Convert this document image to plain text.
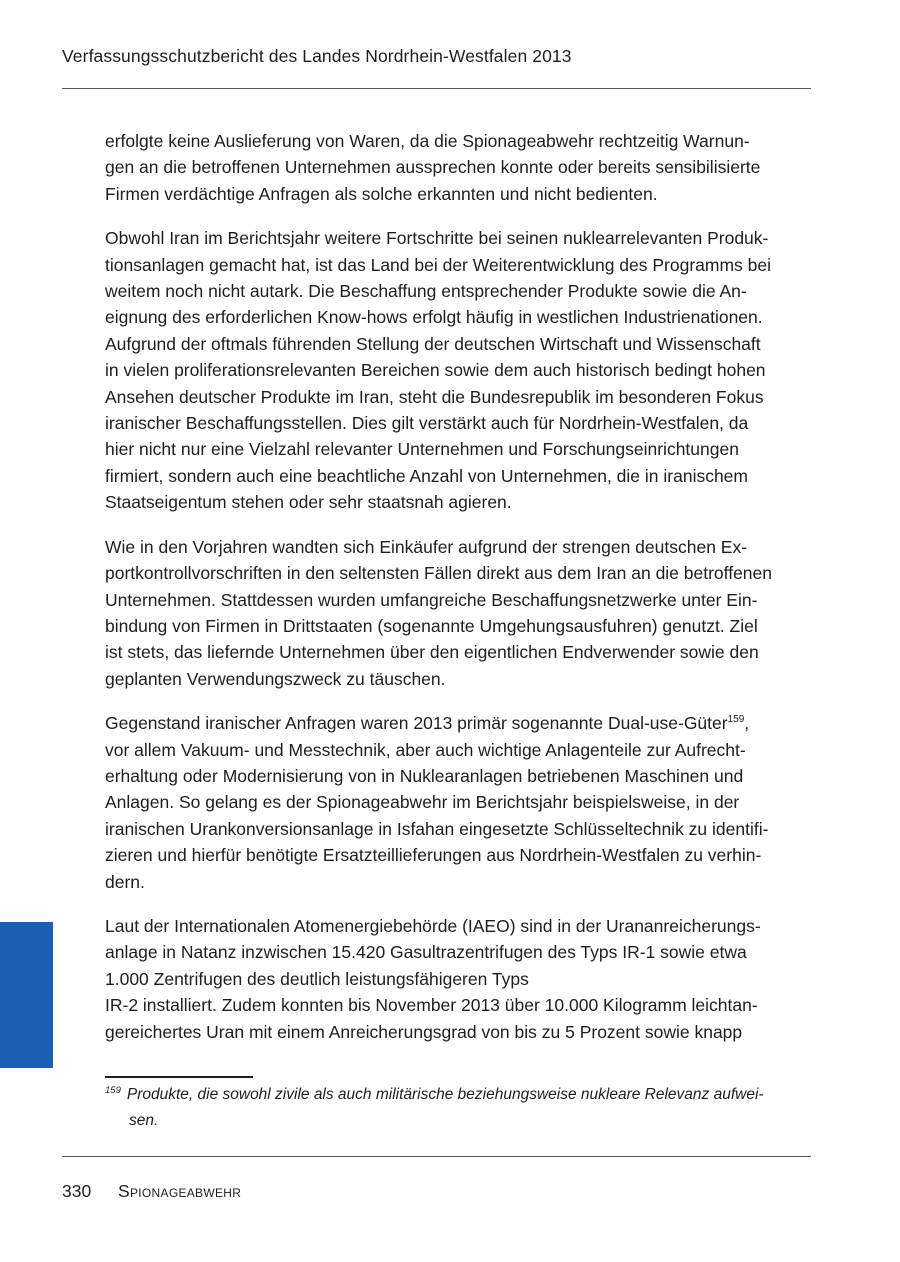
Verfassungsschutzbericht des Landes Nordrhein-Westfalen 2013

erfolgte keine Auslieferung von Waren, da die Spionageabwehr rechtzeitig Warnun-
gen an die betroffenen Unternehmen aussprechen konnte oder bereits sensibilisierte
Firmen verdächtige Anfragen als solche erkannten und nicht bedienten.

Obwohl Iran im Berichtsjahr weitere Fortschritte bei seinen nuklearrelevanten Produk-
tionsanlagen gemacht hat, ist das Land bei der Weiterentwicklung des Programms bei
weitem noch nicht autark. Die Beschaffung entsprechender Produkte sowie die An-
eignung des erforderlichen Know-hows erfolgt häufig in westlichen Industrienationen.
Aufgrund der oftmals führenden Stellung der deutschen Wirtschaft und Wissenschaft
in vielen proliferationsrelevanten Bereichen sowie dem auch historisch bedingt hohen
Ansehen deutscher Produkte im Iran, steht die Bundesrepublik im besonderen Fokus
iranischer Beschaffungsstellen. Dies gilt verstärkt auch für Nordrhein-Westfalen, da
hier nicht nur eine Vielzahl relevanter Unternehmen und Forschungseinrichtungen
firmiert, sondern auch eine beachtliche Anzahl von Unternehmen, die in iranischem
Staatseigentum stehen oder sehr staatsnah agieren.

Wie in den Vorjahren wandten sich Einkäufer aufgrund der strengen deutschen Ex-
portkontrollvorschriften in den seltensten Fällen direkt aus dem Iran an die betroffenen
Unternehmen. Stattdessen wurden umfangreiche Beschaffungsnetzwerke unter Ein-
bindung von Firmen in Drittstaaten (sogenannte Umgehungsausfuhren) genutzt. Ziel
ist stets, das liefernde Unternehmen über den eigentlichen Endverwender sowie den
geplanten Verwendungszweck zu täuschen.

Gegenstand iranischer Anfragen waren 2013 primär sogenannte Dual-use-Güter$^{159}$,
vor allem Vakuum- und Messtechnik, aber auch wichtige Anlagenteile zur Aufrecht-
erhaltung oder Modernisierung von in Nuklearanlagen betriebenen Maschinen und
Anlagen. So gelang es der Spionageabwehr im Berichtsjahr beispielsweise, in der
iranischen Urankonversionsanlage in Isfahan eingesetzte Schlüsseltechnik zu identifi-
zieren und hierfür benötigte Ersatzteillieferungen aus Nordrhein-Westfalen zu verhin-
dern.

Laut der Internationalen Atomenergiebehörde (IAEO) sind in der Urananreicherungs-
anlage in Natanz inzwischen 15.420 Gasultrazentrifugen des Typs IR-1 sowie etwa
1.000 Zentrifugen des deutlich leistungsfähigeren Typs
IR-2 installiert. Zudem konnten bis November 2013 über 10.000 Kilogramm leichtan-
gereichertes Uran mit einem Anreicherungsgrad von bis zu 5 Prozent sowie knapp

$^{159}$ Produkte, die sowohl zivile als auch militärische beziehungsweise nukleare Relevanz aufwei-
sen.
330 Spionageabwehr
